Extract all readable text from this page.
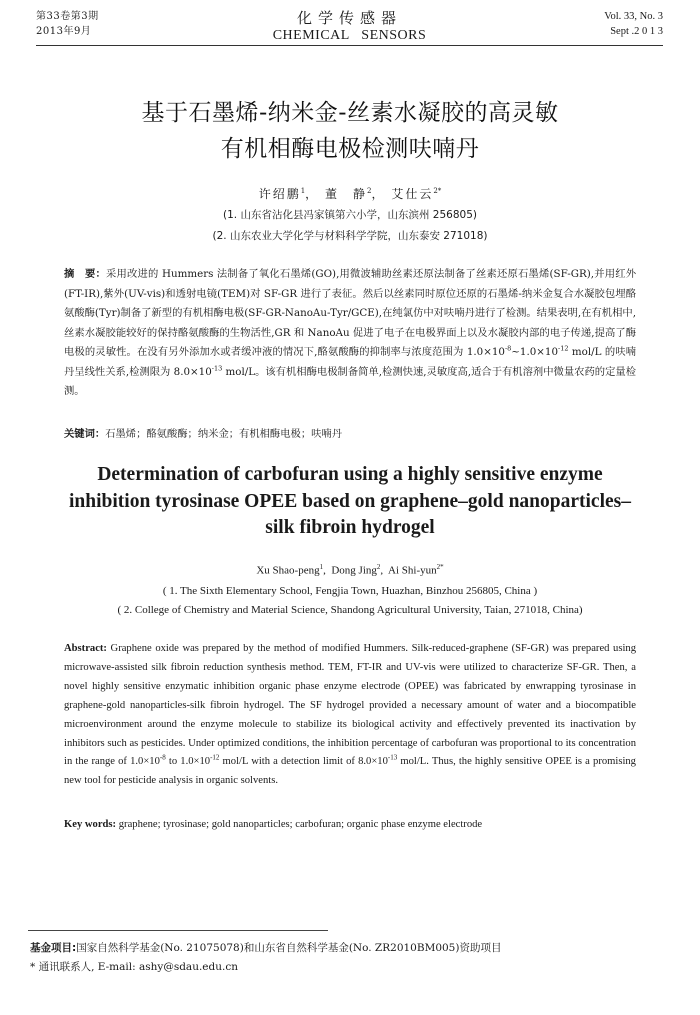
第33卷第3期
2013年9月
化学传感器
CHEMICAL SENSORS
Vol. 33, No. 3
Sept .2 0 1 3
基于石墨烯-纳米金-丝素水凝胶的高灵敏
有机相酶电极检测呋喃丹
许绍鹏$^1$， 董　静$^2$， 艾仕云$^{2*}$
(1. 山东省沾化县冯家镇第六小学，山东滨州 256805)
(2. 山东农业大学化学与材料科学学院，山东泰安 271018)
摘　要：采用改进的 Hummers 法制备了氧化石墨烯(GO),用微波辅助丝素还原法制备了丝素还原石墨烯(SF-GR),并用红外(FT-IR),紫外(UV-vis)和透射电镜(TEM)对 SF-GR 进行了表征。然后以丝素同时原位还原的石墨烯-纳米金复合水凝胶包埋酪氨酸酶(Tyr)制备了新型的有机相酶电极(SF-GR-NanoAu-Tyr/GCE),在纯氯仿中对呋喃丹进行了检测。结果表明,在有机相中,丝素水凝胶能较好的保持酪氨酸酶的生物活性,GR 和 NanoAu 促进了电子在电极界面上以及水凝胶内部的电子传递,提高了酶电极的灵敏性。在没有另外添加水或者缓冲液的情况下,酪氨酸酶的抑制率与浓度范围为 $1.0\times 10^{-8}\sim 1.0\times 10^{-12}$ mol/L 的呋喃丹呈线性关系,检测限为 $8.0\times 10^{-13}$ mol/L。该有机相酶电极制备简单,检测快速,灵敏度高,适合于有机溶剂中微量农药的定量检测。
关键词：石墨烯；酪氨酸酶；纳米金；有机相酶电极；呋喃丹
Determination of carbofuran using a highly sensitive enzyme
inhibition tyrosinase OPEE based on graphene–gold nanoparticles–
silk fibroin hydrogel
Xu Shao-peng$^1$,  Dong Jing$^2$,  Ai Shi-yun$^{2*}$
( 1. The Sixth Elementary School, Fengjia Town, Huazhan, Binzhou 256805, China )
( 2. College of Chemistry and Material Science, Shandong Agricultural University, Taian, 271018, China)
Abstract: Graphene oxide was prepared by the method of modified Hummers. Silk-reduced-graphene (SF-GR) was prepared using microwave-assisted silk fibroin reduction synthesis method. TEM, FT-IR and UV-vis were utilized to characterize SF-GR. Then, a novel highly sensitive enzymatic inhibition organic phase enzyme electrode (OPEE) was fabricated by enwrapping tyrosinase in graphene-gold nanoparticles-silk fibroin hydrogel. The SF hydrogel provided a necessary amount of water and a biocompatible microenvironment around the enzyme molecule to stabilize its biological activity and effectively prevented its inactivation by inhibitors such as pesticides. Under optimized conditions, the inhibition percentage of carbofuran was proportional to its concentration in the range of $1.0\times 10^{-8}$ to $1.0\times 10^{-12}$ mol/L with a detection limit of $8.0\times 10^{-13}$ mol/L. Thus, the highly sensitive OPEE is a promising new tool for pesticide analysis in organic solvents.
Key words: graphene; tyrosinase; gold nanoparticles; carbofuran; organic phase enzyme electrode
基金项目:国家自然科学基金(No. 21075078)和山东省自然科学基金(No. ZR2010BM005)资助项目
* 通讯联系人, E-mail: ashy@sdau.edu.cn
